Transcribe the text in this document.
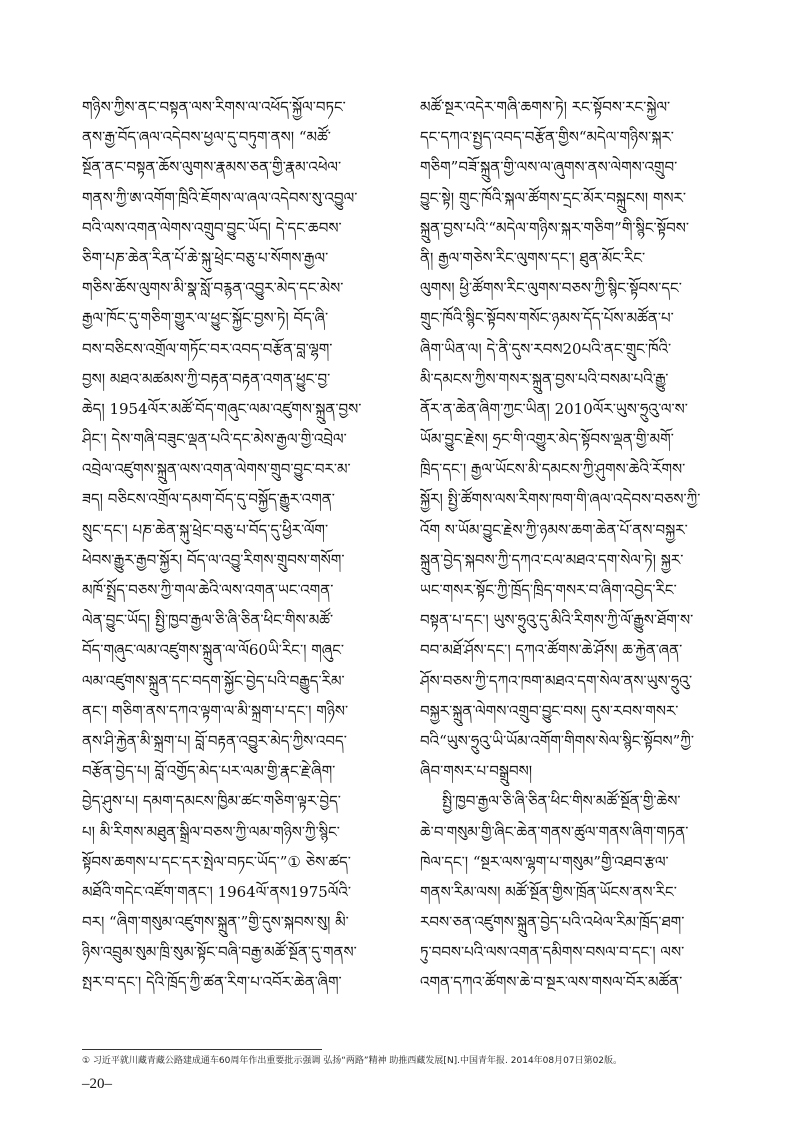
གཉིས་ཀྱིས་ནང་བསྟན་ལས་རིགས་ལ་འཕོད་སྐྱོལ་བཏང་
ནས་རྒྱ་བོད་ཞལ་འདེབས་ཕྱལ་དུ་བཏུག་ནས། “མཚོ་
སྔོན་ནང་བསྟན་ཆོས་ལུགས་རྣམས་ཅན་གྱི་རྣམ་འཕེལ་
གནས་ཀྱི་ཨ་འགོག་ཁྲིའི་ཇོགས་ལ་ཞལ་འདེབས་སུ་འབྱུལ་
བའི་ལས་འགན་ལེགས་འགྲུབ་བྱུང་ཡོད། དེ་དང་ཆབས་
ཅིག་པཎ་ཆེན་རིན་པོ་ཆེ་སྐུ་ཕྲེང་བཅུ་པ་སོགས་རྒྱལ་
གཅིས་ཆོས་ལུགས་མི་སྣ་སློ་བརྙན་འབྱུར་མེད་དང་མེས་
རྒྱལ་ཁོང་དུ་གཅིག་གྱུར་ལ་ཕྱུང་སྐྱོང་བྱས་ཏེ། བོད་ཞི་
བས་བཅིངས་འགྲོལ་གཏོང་བར་འབད་བརྩོན་བླ་ལྷག་
བྱས། མཐའ་མཚམས་ཀྱི་བརྟན་བརྟན་འགན་ཕྱུང་བྱ་
ཆེད། 1954ལོར་མཚོ་བོད་གཞུང་ལམ་འཛུགས་སྐྲུན་བྱས་
ཤིང་། དེས་གཞི་བཟུང་ལྡན་པའི་དང་མེས་རྒྱལ་གྱི་འབྲེལ་
འབྲེལ་འཛུགས་སྐྲུན་ལས་འགན་ལེགས་གྲུབ་བྱུང་བར་མ་
ཟད། བཅིངས་འགྲོལ་དམག་བོད་དུ་བསྐྱོད་རྒྱུར་འགན་
སྲུང་དང་། པཎ་ཆེན་སྐུ་ཕྲེང་བཅུ་པ་བོད་དུ་ཕྱིར་ལོག་
ཕེབས་རྒྱུར་རྒྱབ་སྐྱོར། བོད་ལ་འབྱུ་རིགས་གྲུབས་གསོག་
མཁོ་སྤྲོད་བཅས་ཀྱི་གལ་ཆེའི་ལས་འགན་ཡང་འགན་
ལེན་བྱུང་ཡོད། སྤྱི་ཁྱབ་རྒྱལ་ཅི་ཞི་ཅིན་ཕིང་གིས་མཚོ་
བོད་གཞུང་ལམ་འཛུགས་སྐྲུན་ལ་ལོ60ཡི་རིང་། གཞུང་
ལམ་འཛུགས་སྐྲུན་དང་བདག་སྐྱོང་བྱེད་པའི་བརྒྱུད་རིམ་
ནང་། གཅིག་ནས་དཀའ་ལྟག་ལ་མི་སྐྲག་པ་དང་། གཉིས་
ནས་ཤི་རྐྱེན་མི་སྐྲག་པ། བློ་བརྟན་འབྱུར་མེད་ཀྱིས་འབད་
བརྩོན་བྱེད་པ། བློ་འགྱོད་མེད་པར་ལམ་གྱི་རྣང་རྗེ་ཞིག་
བྱེད་ཤུས་པ། དམག་དམངས་ཁྱིམ་ཚང་གཅིག་ལྟར་བྱེད་
པ། མི་རིགས་མཐུན་སྒྲིལ་བཅས་ཀྱི་ལམ་གཉིས་ཀྱི་སྙིང་
སྟོབས་ཆགས་པ་དང་དར་སྤེལ་བཏང་ཡོད་”① ཅེས་ཚད་
མཐོའི་གདེང་འཛོག་གནང་། 1964ལོ་ནས1975ལོའི་
བར། “ཞིག་གསུམ་འཛུགས་སྐྲུན་”གྱི་དུས་སྐབས་སུ། མི་
ཉིས་འབྲུམ་སུམ་ཁྲི་སུམ་སྟོང་བཞི་བརྒྱ་མཚོ་སྔོན་དུ་གནས་
སྤར་བ་དང་། དེའི་ཁྲོད་ཀྱི་ཚན་རིག་པ་འབོར་ཆེན་ཞིག་
མཚོ་སྔར་འདེར་གཞི་ཆགས་ཏེ། རང་སྟོབས་རང་སྐྱེལ་
དང་དཀའ་སྤྱད་འབད་བརྩོན་གྱིས“མདེལ་གཉིས་སྐར་
གཅིག”བཟོ་སྐྲུན་གྱི་ལས་ལ་ཞུགས་ནས་ལེགས་འགྲུབ་
བྱུང་སྟེ། གྲུང་ཁོའི་སྐལ་ཚོགས་དྲང་མོར་བསྐྲུངས། གསར་
སྐྲུན་བྱས་པའི་“མདེལ་གཉིས་སྐར་གཅིག”གི་སྙིང་སྟོབས་
ནི། རྒྱལ་གཅེས་རིང་ལུགས་དང་། ཐུན་མོང་རིང་
ལུགས། ཕྱི་ཚོགས་རིང་ལུགས་བཅས་ཀྱི་སྙིང་སྟོབས་དང་
གྲུང་ཁོའི་སྙིང་སྟོབས་གསོང་ཉམས་དོད་པོས་མཚོན་པ་
ཞིག་ཡིན་ལ། དེ་ནི་དུས་རབས20པའི་ནང་གྲུང་ཁོའི་
མི་དམངས་ཀྱིས་གསར་སྐྲུན་བྱས་པའི་བསམ་པའི་རྒྱུ་
ནོར་ན་ཆེན་ཞིག་ཀྱང་ཡིན། 2010ལོར་ཡུས་ཧྲུའུ་ལ་ས་
ཡོམ་བྱུང་རྗེས། ཧྲང་གི་འགྱུར་མེད་སྟོབས་ལྡན་གྱི་མགོ་
ཁྲིད་དང་། རྒྱལ་ཡོངས་མི་དམངས་ཀྱི་ཤུགས་ཆེའི་རོགས་
སྐྱོར། སྤྱི་ཚོགས་ལས་རིགས་ཁག་གི་ཞལ་འདེབས་བཅས་ཀྱི་
འོག ས་ཡོམ་བྱུང་རྗེས་ཀྱི་ཉམས་ཆག་ཆེན་པོ་ནས་བསྐྱར་
སྐྲུན་བྱེད་སྐབས་ཀྱི་དཀའ་ངལ་མཐའ་དག་སེལ་ཏེ། སྐྱར་
ཡང་གསར་སྟོང་ཀྱི་ཁྲོད་ཁྲིད་གསར་བ་ཞིག་འབྱེད་རིང་
བསྟན་པ་དང་། ཡུས་ཧྲུའུ་དུ་མིའི་རིགས་ཀྱི་ལོ་རྒྱུས་ཐོག་ས་
བབ་མཐོ་ཤོས་དང་། དཀའ་ཚོགས་ཆེ་ཤོས། ཆ་རྐྱེན་ཞན་
ཤོས་བཅས་ཀྱི་དཀའ་ཁག་མཐའ་དག་སེལ་ནས་ཡུས་ཧྲུའུ་
བསྐྱར་སྐྲུན་ལེགས་འགྲུབ་བྱུང་བས། དུས་རབས་གསར་
བའི“ཡུས་ཧྲུའུ་ཡི་ཡོམ་འགོག་གིགས་སེལ་སྙིང་སྟོབས”ཀྱི་
ཞིབ་གསར་པ་བསྒྲུབས།
སྤྱི་ཁྱབ་རྒྱལ་ཅི་ཞི་ཅིན་ཕིང་གིས་མཚོ་སྔོན་གྱི་ཆེས་
ཆེ་བ་གསུམ་གྱི་ཞིང་ཆེན་གནས་ཚུལ་གནས་ཞིག་གཏན་
ཁེལ་དང་། “སྔར་ལས་ལྷག་པ་གསུམ”གྱི་འཐབ་རྩལ་
གནས་རིམ་ལས། མཚོ་སྔོན་གྱིས་ཁྲོན་ཡོངས་ནས་རིང་
རབས་ཅན་འཛུགས་སྐྲུན་བྱེད་པའི་འཕེལ་རིམ་ཁྲོད་ཐག་
ཏུ་བབས་པའི་ལས་འགན་དམིགས་བསལ་བ་དང་། ལས་
འགན་དཀའ་ཚོགས་ཆེ་བ་སྔར་ལས་གསལ་བོར་མཚོན་
① 习近平就川藏青藏公路建成通车60周年作出重要批示强调 弘扬“两路”精神 助推西藏发展[N].中国青年报. 2014年08月07日第02版。
–20–
